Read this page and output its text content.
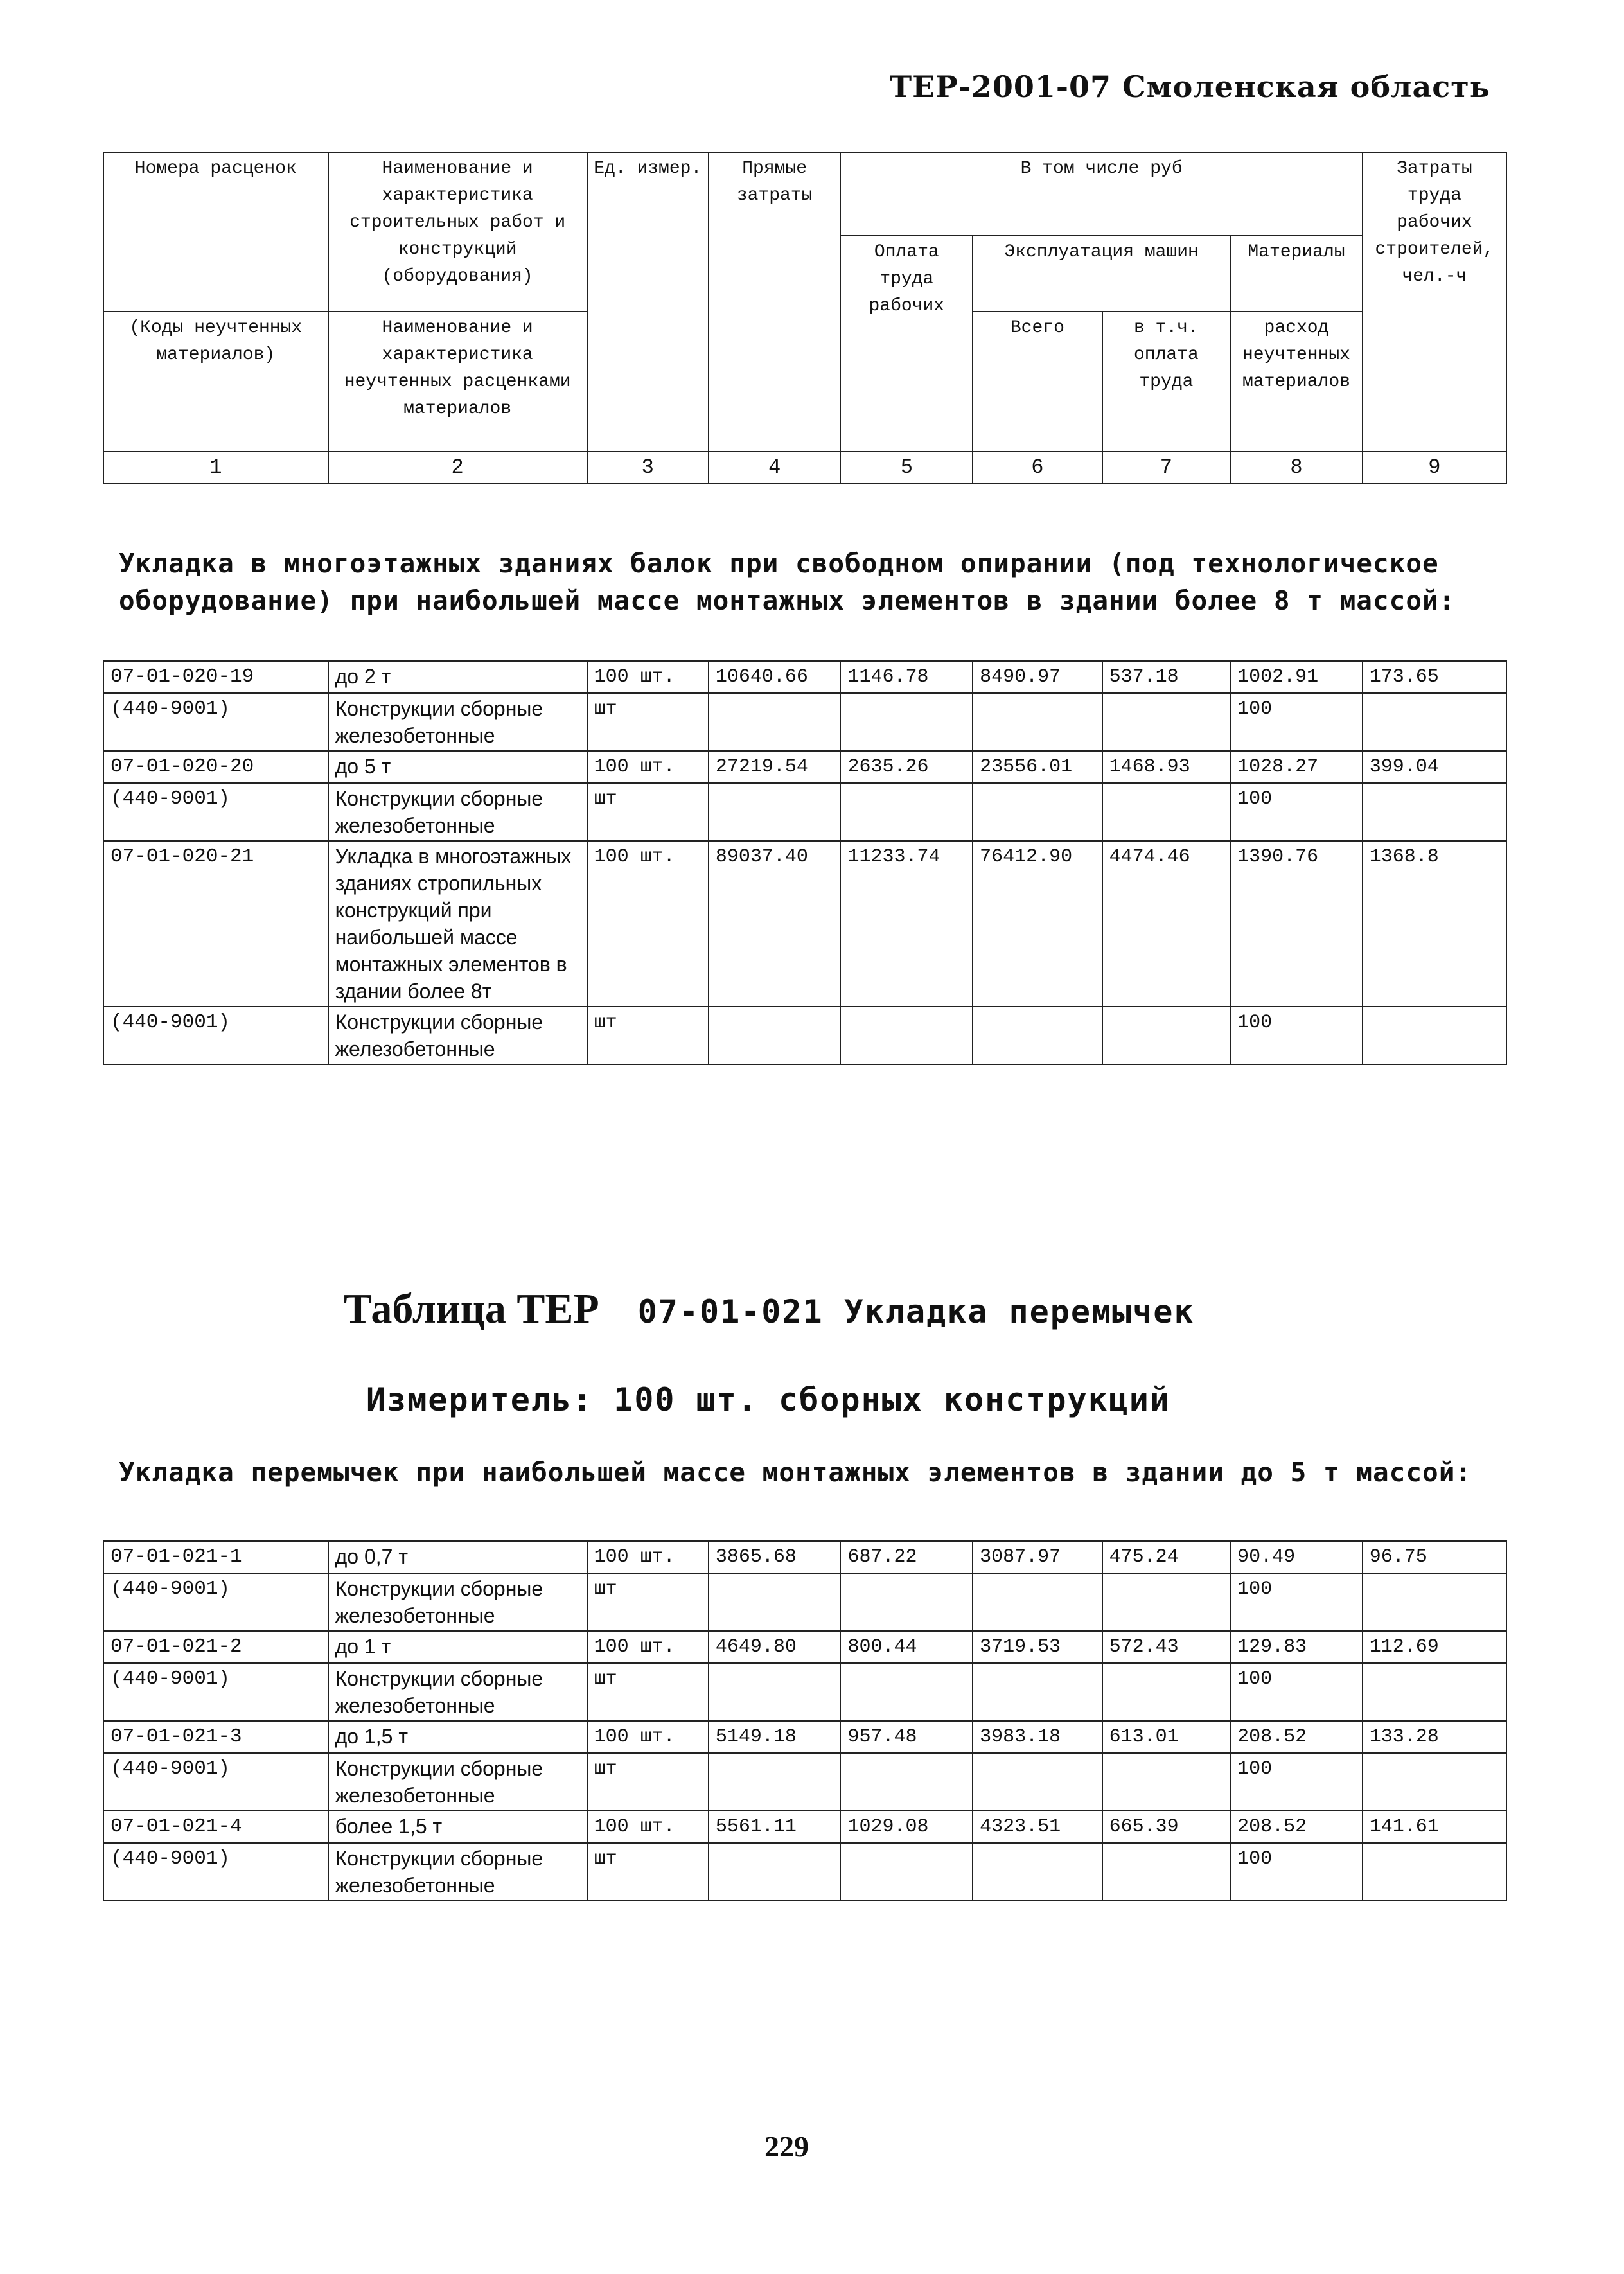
ТЕР-2001-07 Смоленская область
Номера расценок	Наименование и характеристика строительных работ и конструкций (оборудования)	Ед. измер.	Прямые затраты	В том числе руб				Затраты труда рабочих строителей, чел.-ч
				Оплата труда рабочих	Эксплуатация машин		Материалы	
(Коды неучтенных материалов)	Наименование и характеристика неучтенных расценками материалов				Всего	в т.ч. оплата труда	расход неучтенных материалов	

1	2	3	4	5	6	7	8	9
Укладка в многоэтажных зданиях балок при свободном опирании (под технологическое оборудование) при наибольшей массе монтажных элементов в здании более 8 т массой:
07-01-020-19	до 2 т	100 шт.	10640.66	1146.78	8490.97	537.18	1002.91	173.65
(440-9001)	Конструкции сборные железобетонные	шт					100	
07-01-020-20	до 5 т	100 шт.	27219.54	2635.26	23556.01	1468.93	1028.27	399.04
(440-9001)	Конструкции сборные железобетонные	шт					100	
07-01-020-21	Укладка в многоэтажных зданиях стропильных конструкций при наибольшей массе монтажных элементов в здании более 8т	100 шт.	89037.40	11233.74	76412.90	4474.46	1390.76	1368.8
(440-9001)	Конструкции сборные железобетонные	шт					100	
Таблица ТЕР 07-01-021 Укладка перемычек
Измеритель: 100 шт. сборных конструкций
Укладка перемычек при наибольшей массе монтажных элементов в здании до 5 т массой:
07-01-021-1	до 0,7 т	100 шт.	3865.68	687.22	3087.97	475.24	90.49	96.75
(440-9001)	Конструкции сборные железобетонные	шт					100	
07-01-021-2	до 1 т	100 шт.	4649.80	800.44	3719.53	572.43	129.83	112.69
(440-9001)	Конструкции сборные железобетонные	шт					100	
07-01-021-3	до 1,5 т	100 шт.	5149.18	957.48	3983.18	613.01	208.52	133.28
(440-9001)	Конструкции сборные железобетонные	шт					100	
07-01-021-4	более 1,5 т	100 шт.	5561.11	1029.08	4323.51	665.39	208.52	141.61
(440-9001)	Конструкции сборные железобетонные	шт					100	
229
